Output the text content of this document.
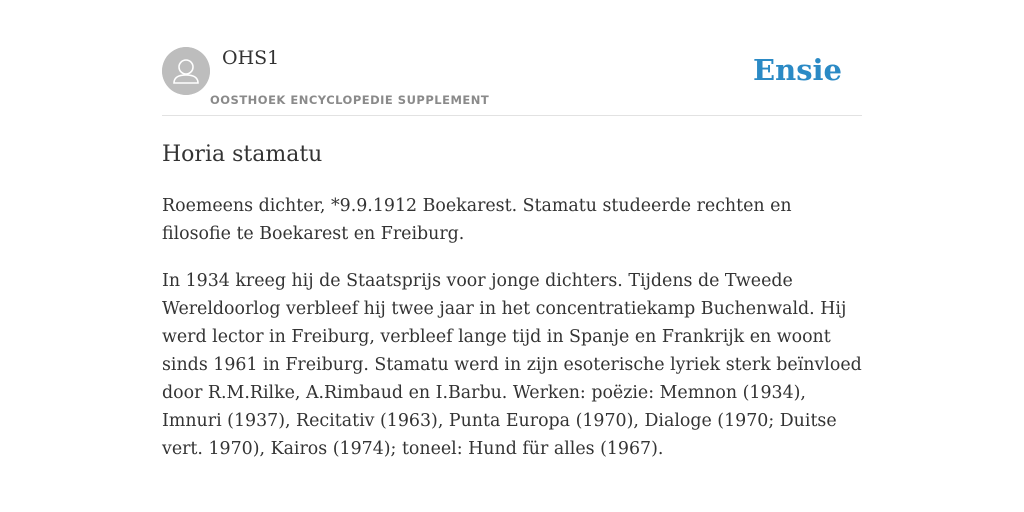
OHS1
OOSTHOEK ENCYCLOPEDIE SUPPLEMENT
Ensie
Horia stamatu

Roemeens dichter, *9.9.1912 Boekarest. Stamatu studeerde rechten en filosofie te Boekarest en Freiburg.

In 1934 kreeg hij de Staatsprijs voor jonge dichters. Tijdens de Tweede Wereldoorlog verbleef hij twee jaar in het concentratiekamp Buchenwald. Hij werd lector in Freiburg, verbleef lange tijd in Spanje en Frankrijk en woont sinds 1961 in Freiburg. Stamatu werd in zijn esoterische lyriek sterk beïnvloed door R.M.Rilke, A.Rimbaud en I.Barbu. Werken: poëzie: Memnon (1934), Imnuri (1937), Recitativ (1963), Punta Europa (1970), Dialoge (1970; Duitse vert. 1970), Kairos (1974); toneel: Hund für alles (1967).
